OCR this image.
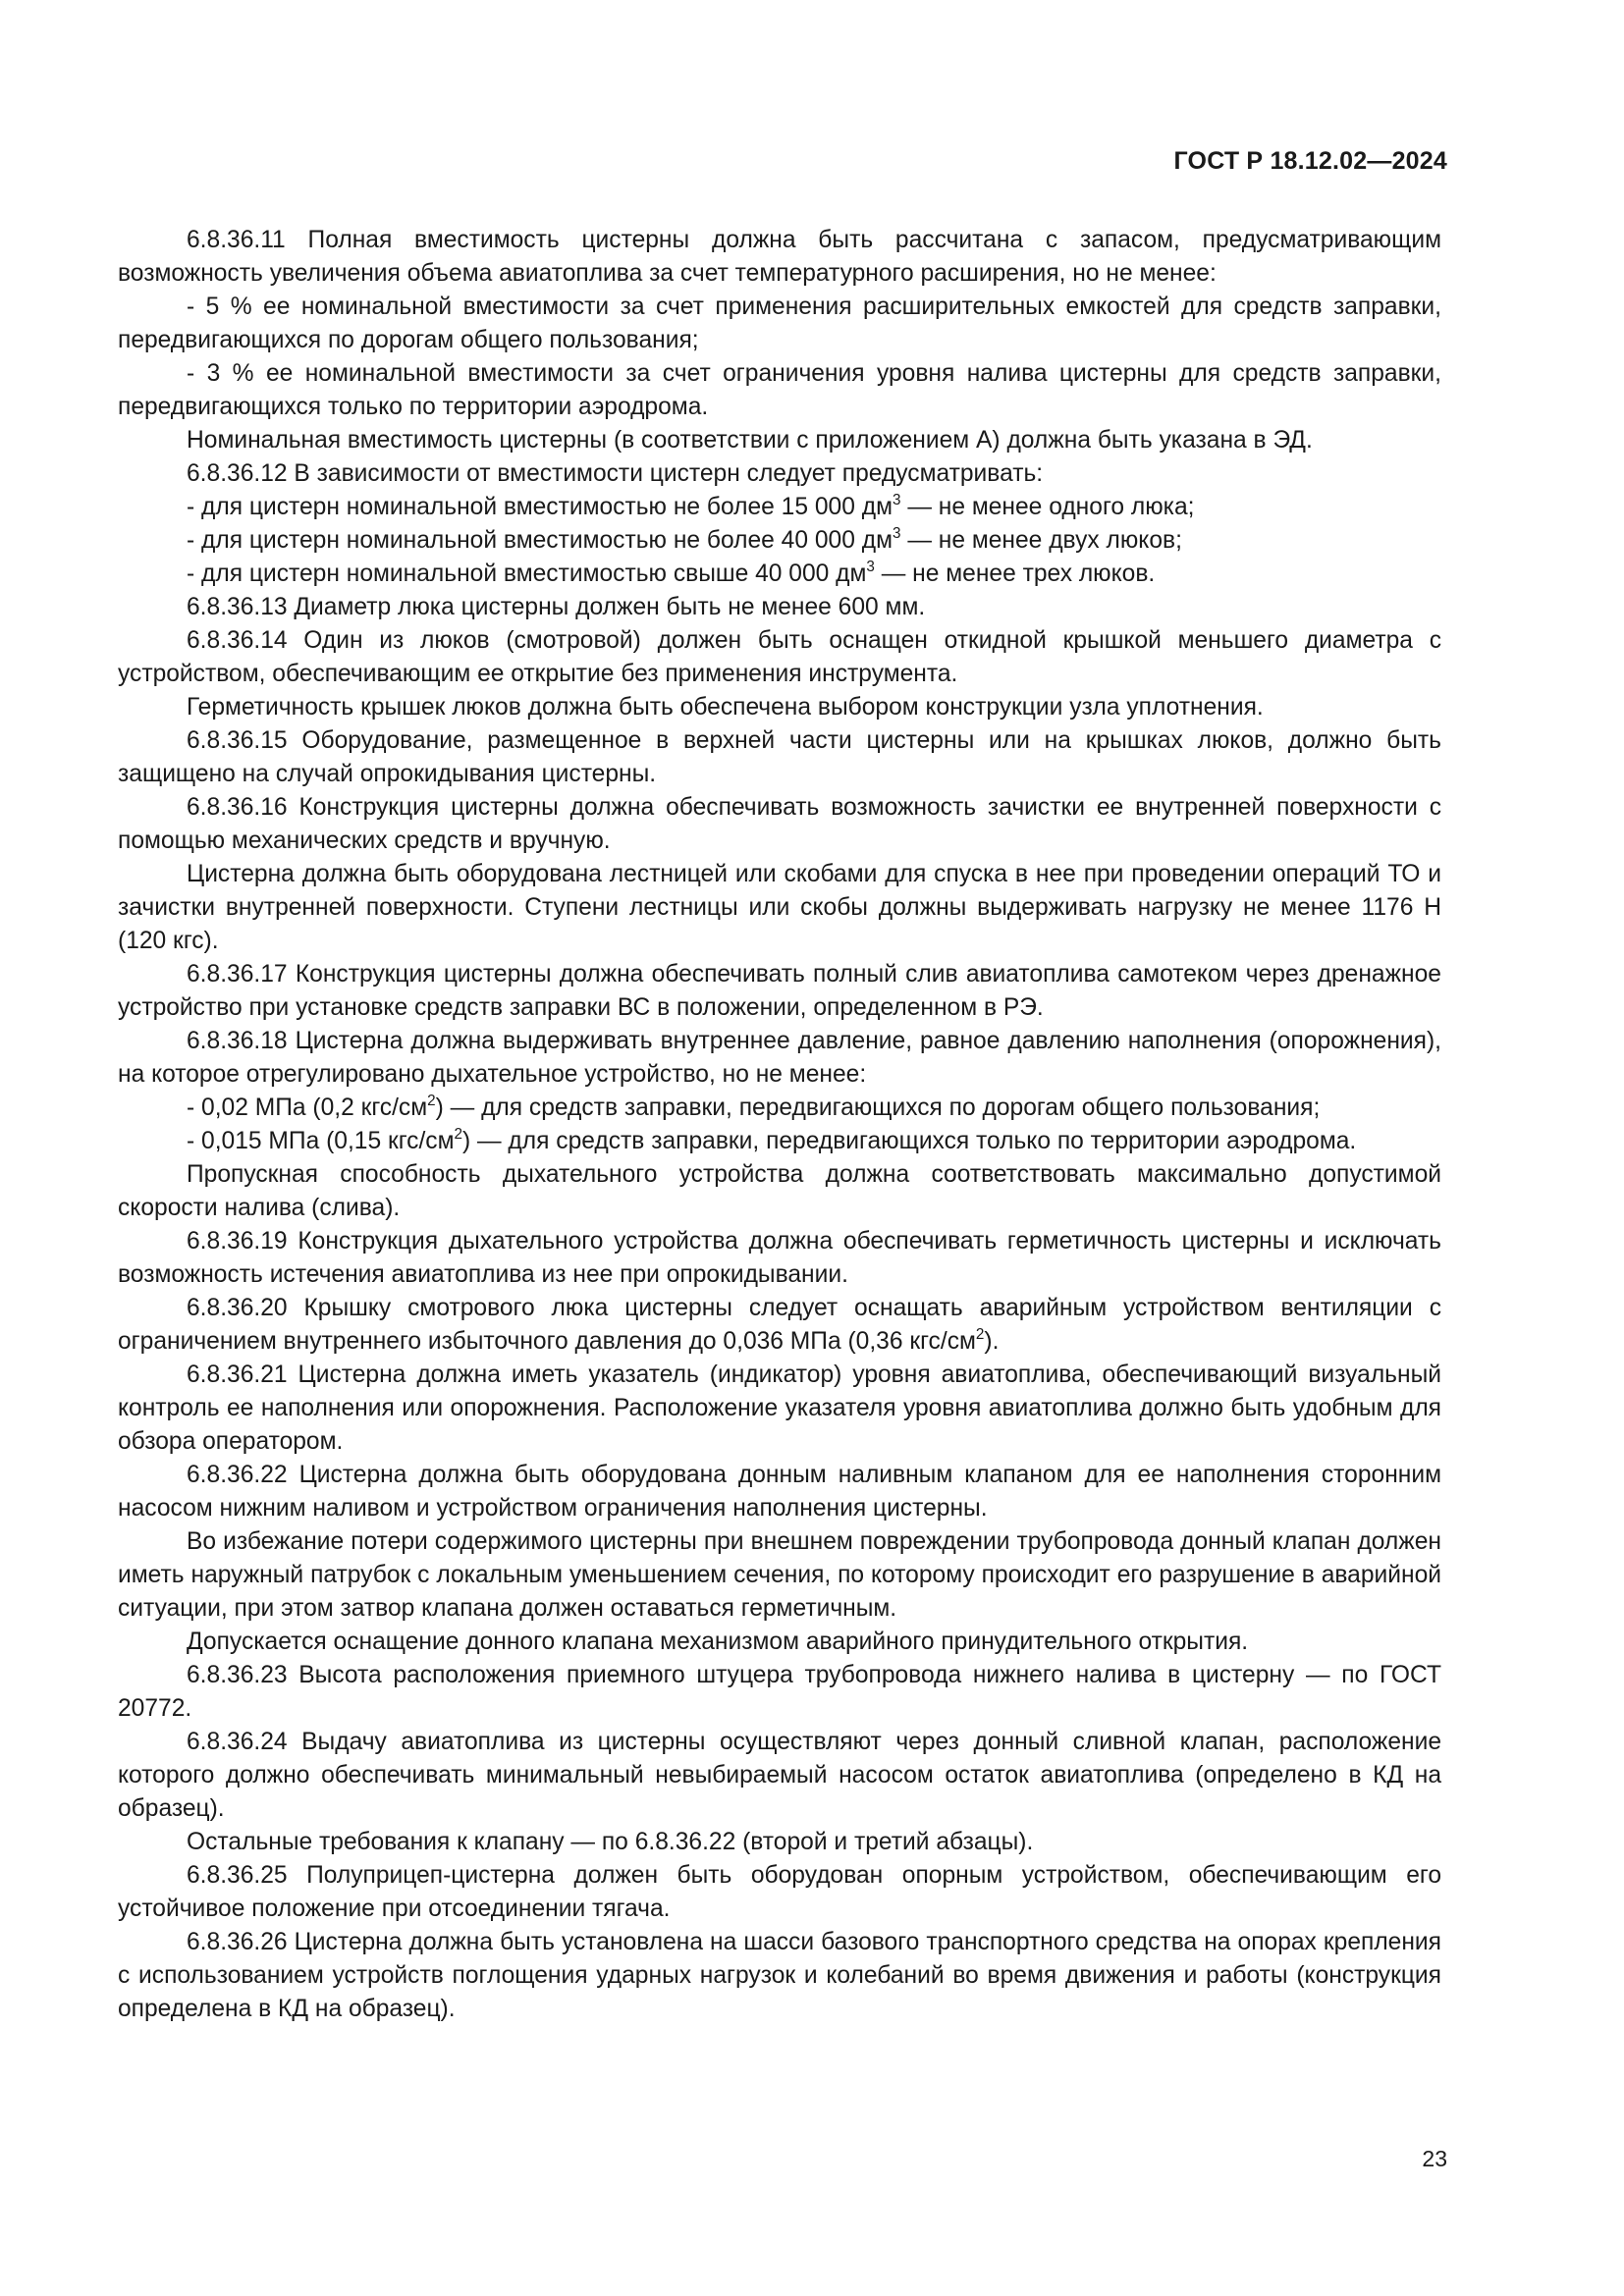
ГОСТ Р 18.12.02—2024

6.8.36.11 Полная вместимость цистерны должна быть рассчитана с запасом, предусматривающим возможность увеличения объема авиатоплива за счет температурного расширения, но не менее:

- 5 % ее номинальной вместимости за счет применения расширительных емкостей для средств заправки, передвигающихся по дорогам общего пользования;

- 3 % ее номинальной вместимости за счет ограничения уровня налива цистерны для средств заправки, передвигающихся только по территории аэродрома.

Номинальная вместимость цистерны (в соответствии с приложением А) должна быть указана в ЭД.

6.8.36.12 В зависимости от вместимости цистерн следует предусматривать:

- для цистерн номинальной вместимостью не более 15 000 $дм^3$ — не менее одного люка;

- для цистерн номинальной вместимостью не более 40 000 $дм^3$ — не менее двух люков;

- для цистерн номинальной вместимостью свыше 40 000 $дм^3$ — не менее трех люков.

6.8.36.13 Диаметр люка цистерны должен быть не менее 600 мм.

6.8.36.14 Один из люков (смотровой) должен быть оснащен откидной крышкой меньшего диаметра с устройством, обеспечивающим ее открытие без применения инструмента.

Герметичность крышек люков должна быть обеспечена выбором конструкции узла уплотнения.

6.8.36.15 Оборудование, размещенное в верхней части цистерны или на крышках люков, должно быть защищено на случай опрокидывания цистерны.

6.8.36.16 Конструкция цистерны должна обеспечивать возможность зачистки ее внутренней поверхности с помощью механических средств и вручную.

Цистерна должна быть оборудована лестницей или скобами для спуска в нее при проведении операций ТО и зачистки внутренней поверхности. Ступени лестницы или скобы должны выдерживать нагрузку не менее 1176 Н (120 кгс).

6.8.36.17 Конструкция цистерны должна обеспечивать полный слив авиатоплива самотеком через дренажное устройство при установке средств заправки ВС в положении, определенном в РЭ.

6.8.36.18 Цистерна должна выдерживать внутреннее давление, равное давлению наполнения (опорожнения), на которое отрегулировано дыхательное устройство, но не менее:

- 0,02 МПа (0,2 кгс/$см^2$) — для средств заправки, передвигающихся по дорогам общего пользования;

- 0,015 МПа (0,15 кгс/$см^2$) — для средств заправки, передвигающихся только по территории аэродрома.

Пропускная способность дыхательного устройства должна соответствовать максимально допустимой скорости налива (слива).

6.8.36.19 Конструкция дыхательного устройства должна обеспечивать герметичность цистерны и исключать возможность истечения авиатоплива из нее при опрокидывании.

6.8.36.20 Крышку смотрового люка цистерны следует оснащать аварийным устройством вентиляции с ограничением внутреннего избыточного давления до 0,036 МПа (0,36 кгс/$см^2$).

6.8.36.21 Цистерна должна иметь указатель (индикатор) уровня авиатоплива, обеспечивающий визуальный контроль ее наполнения или опорожнения. Расположение указателя уровня авиатоплива должно быть удобным для обзора оператором.

6.8.36.22 Цистерна должна быть оборудована донным наливным клапаном для ее наполнения сторонним насосом нижним наливом и устройством ограничения наполнения цистерны.

Во избежание потери содержимого цистерны при внешнем повреждении трубопровода донный клапан должен иметь наружный патрубок с локальным уменьшением сечения, по которому происходит его разрушение в аварийной ситуации, при этом затвор клапана должен оставаться герметичным.

Допускается оснащение донного клапана механизмом аварийного принудительного открытия.

6.8.36.23 Высота расположения приемного штуцера трубопровода нижнего налива в цистерну — по ГОСТ 20772.

6.8.36.24 Выдачу авиатоплива из цистерны осуществляют через донный сливной клапан, расположение которого должно обеспечивать минимальный невыбираемый насосом остаток авиатоплива (определено в КД на образец).

Остальные требования к клапану — по 6.8.36.22 (второй и третий абзацы).

6.8.36.25 Полуприцеп-цистерна должен быть оборудован опорным устройством, обеспечивающим его устойчивое положение при отсоединении тягача.

6.8.36.26 Цистерна должна быть установлена на шасси базового транспортного средства на опорах крепления с использованием устройств поглощения ударных нагрузок и колебаний во время движения и работы (конструкция определена в КД на образец).

23
